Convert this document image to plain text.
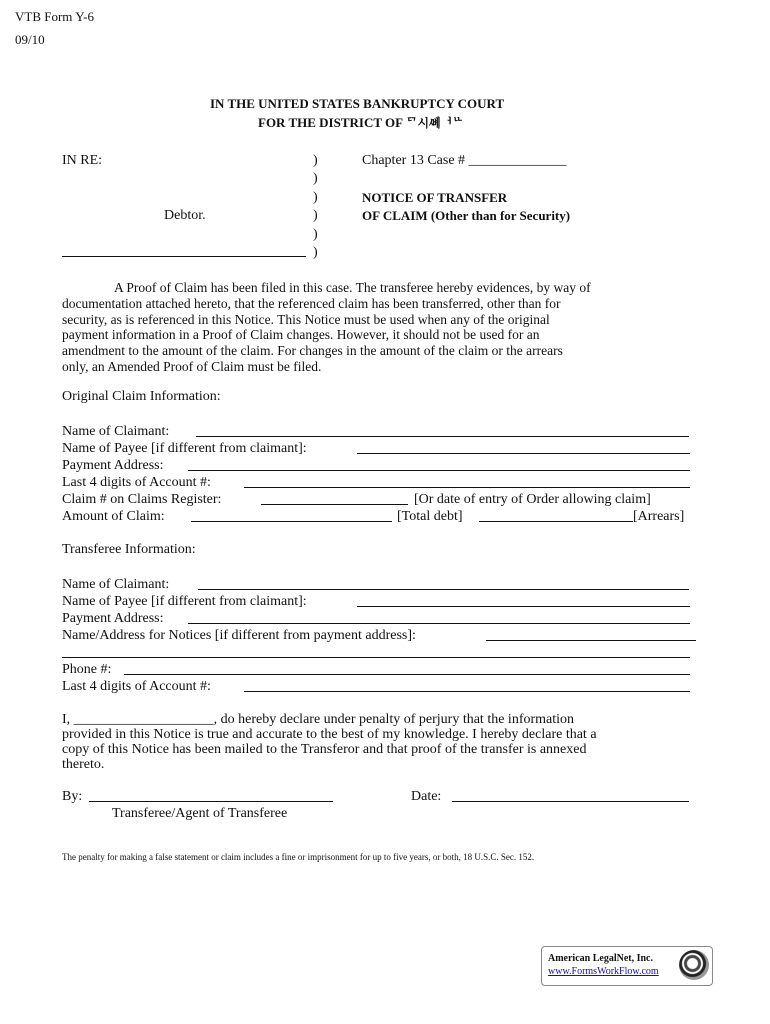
VTB Form Y-6
09/10
IN THE UNITED STATES BANKRUPTCY COURT
FOR THE DISTRICT OF ᄗ시ᄲᅨᅥᄔ
IN RE:
Debtor.
)
)
)
)
)
)
Chapter 13 Case # ______________
NOTICE OF TRANSFER
OF CLAIM (Other than for Security)
A Proof of Claim has been filed in this case. The transferee hereby evidences, by way of
documentation attached hereto, that the referenced claim has been transferred, other than for
security, as is referenced in this Notice. This Notice must be used when any of the original
payment information in a Proof of Claim changes. However, it should not be used for an
amendment to the amount of the claim. For changes in the amount of the claim or the arrears
only, an Amended Proof of Claim must be filed.
Original Claim Information:
Name of Claimant:
Name of Payee [if different from claimant]:
Payment Address:
Last 4 digits of Account #:
Claim # on Claims Register:	[Or date of entry of Order allowing claim]
Amount of Claim:	[Total debt]	[Arrears]
Transferee Information:
Name of Claimant:
Name of Payee [if different from claimant]:
Payment Address:
Name/Address for Notices [if different from payment address]:
Phone #:
Last 4 digits of Account #:
I, ____________________, do hereby declare under penalty of perjury that the information
provided in this Notice is true and accurate to the best of my knowledge. I hereby declare that a
copy of this Notice has been mailed to the Transferor and that proof of the transfer is annexed
thereto.
By:	Date:
Transferee/Agent of Transferee
The penalty for making a false statement or claim includes a fine or imprisonment for up to five years, or both, 18 U.S.C. Sec. 152.
American LegalNet, Inc.
www.FormsWorkFlow.com
